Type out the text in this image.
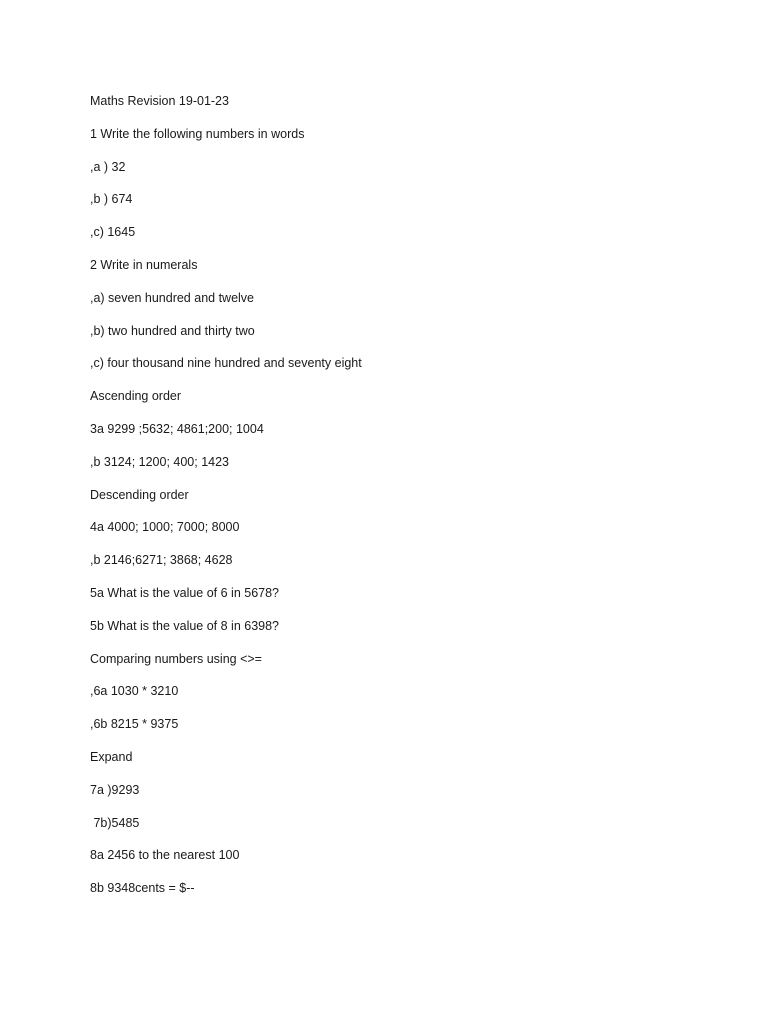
Maths Revision 19-01-23

1 Write the following numbers in words

,a ) 32

,b ) 674

,c) 1645

2 Write in numerals

,a) seven hundred and twelve

,b) two hundred and thirty two

,c) four thousand nine hundred and seventy eight

Ascending order

3a 9299 ;5632; 4861;200; 1004

,b 3124; 1200; 400; 1423

Descending order

4a 4000; 1000; 7000; 8000

,b 2146;6271; 3868; 4628

5a What is the value of 6 in 5678?

5b What is the value of 8 in 6398?

Comparing numbers using <>=

,6a 1030 * 3210

,6b 8215 * 9375

Expand

7a )9293

7b)5485

8a 2456 to the nearest 100

8b 9348cents = $--
